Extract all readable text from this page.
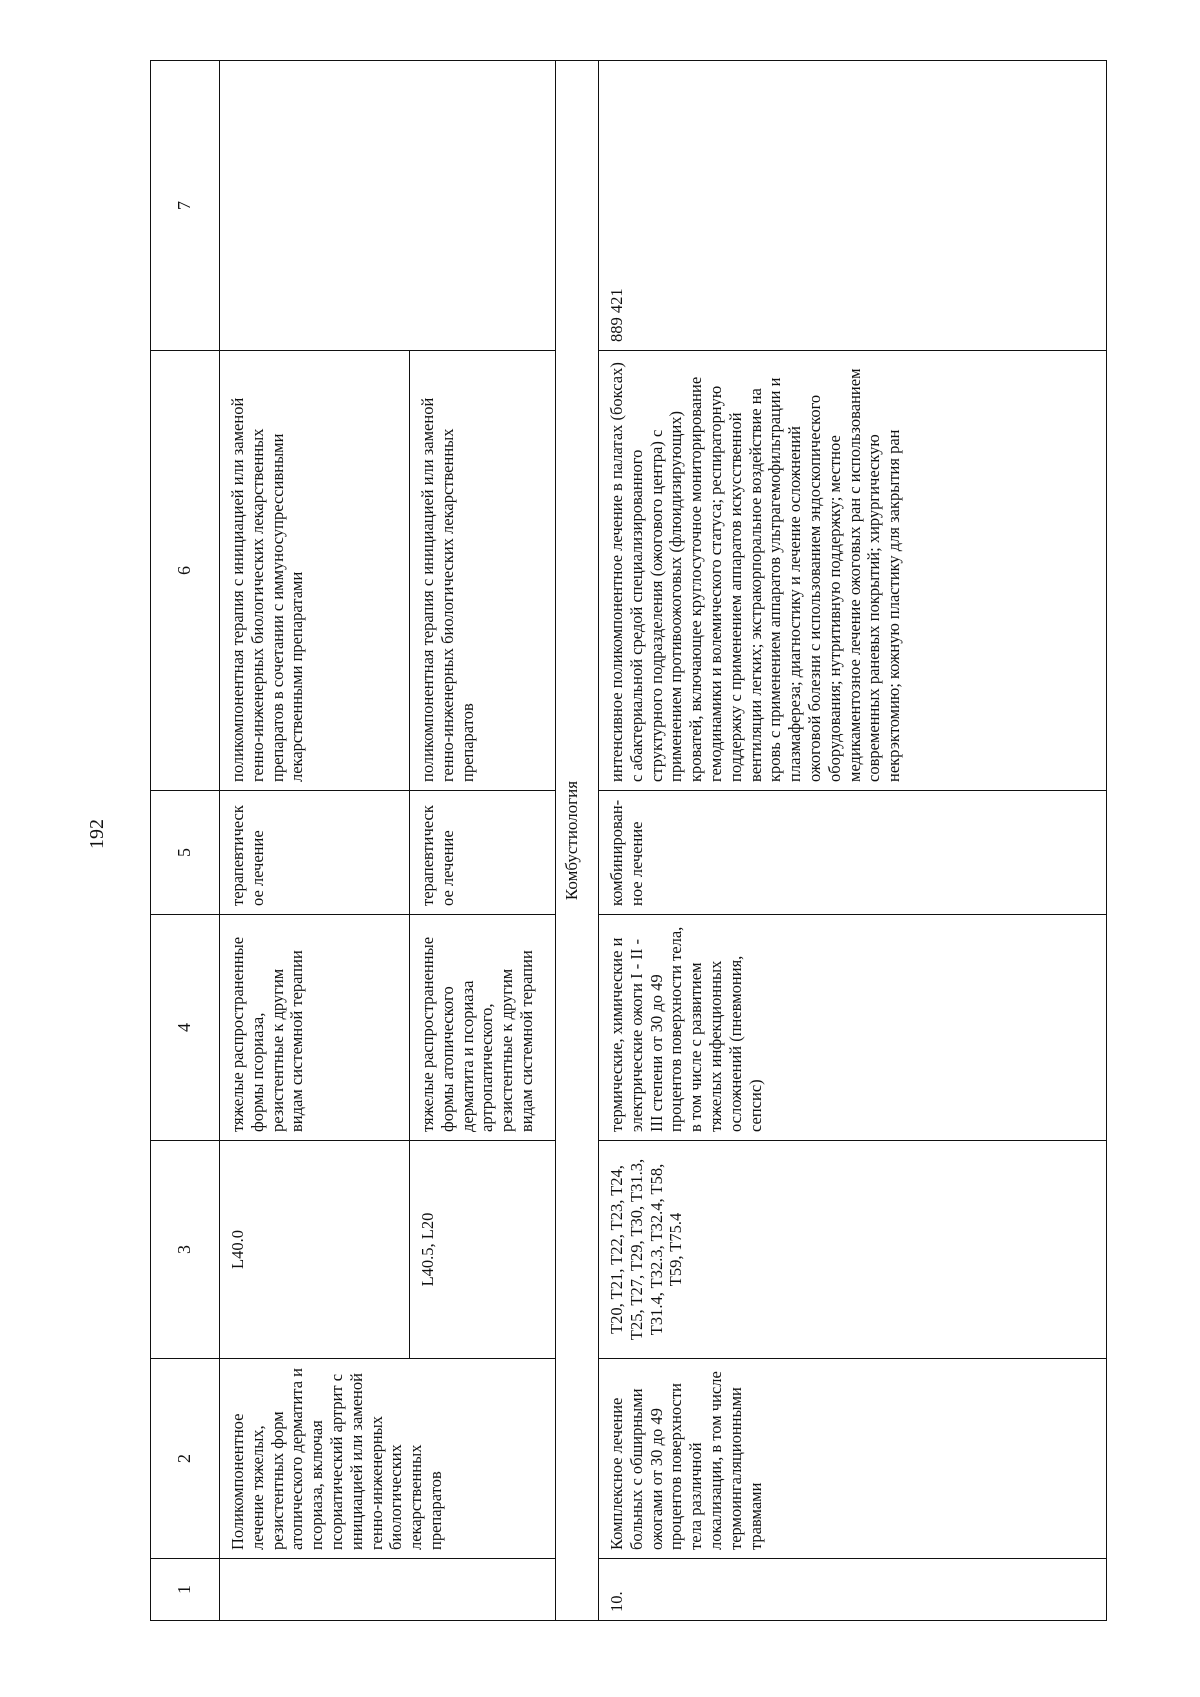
192
1	2	3	4	5	6	7
	Поликомпонентное лечение тяжелых, резистентных форм атопического дерматита и псориаза, включая псориатический артрит с инициацией или заменой генно-инженерных биологических лекарственных препаратов	L40.0	тяжелые распространенные формы псориаза, резистентные к другим видам системной терапии	терапевтическое лечение	поликомпонентная терапия с инициацией или заменой генно-инженерных биологических лекарственных препаратов в сочетании с иммуносупрессивными лекарственными препаратами	
		L40.5, L20	тяжелые распространенные формы атопического дерматита и псориаза артропатического, резистентные к другим видам системной терапии	терапевтическое лечение	поликомпонентная терапия с инициацией или заменой генно-инженерных биологических лекарственных препаратов	
Комбустиология						
10.	Комплексное лечение больных с обширными ожогами от 30 до 49 процентов поверхности тела различной локализации, в том числе термоингаляционными травмами	T20, T21, T22, T23, T24, T25, T27, T29, T30, T31.3, T31.4, T32.3, T32.4, T58, T59, T75.4	термические, химические и электрические ожоги I - II - III степени от 30 до 49 процентов поверхности тела, в том числе с развитием тяжелых инфекционных осложнений (пневмония, сепсис)	комбинирован-ное лечение	интенсивное поликомпонентное лечение в палатах (боксах) с абактериальной средой специализированного структурного подразделения (ожогового центра) с применением противоожоговых (флюидизирующих) кроватей, включающее круглосуточное мониторирование гемодинамики и волемического статуса; респираторную поддержку с применением аппаратов искусственной вентиляции легких; экстракорпоральное воздействие на кровь с применением аппаратов ультрагемофильтрации и плазмафереза; диагностику и лечение осложнений ожоговой болезни с использованием эндоскопического оборудования; нутритивную поддержку; местное медикаментозное лечение ожоговых ран с использованием современных раневых покрытий; хирургическую некрэктомию; кожную пластику для закрытия ран	889 421
